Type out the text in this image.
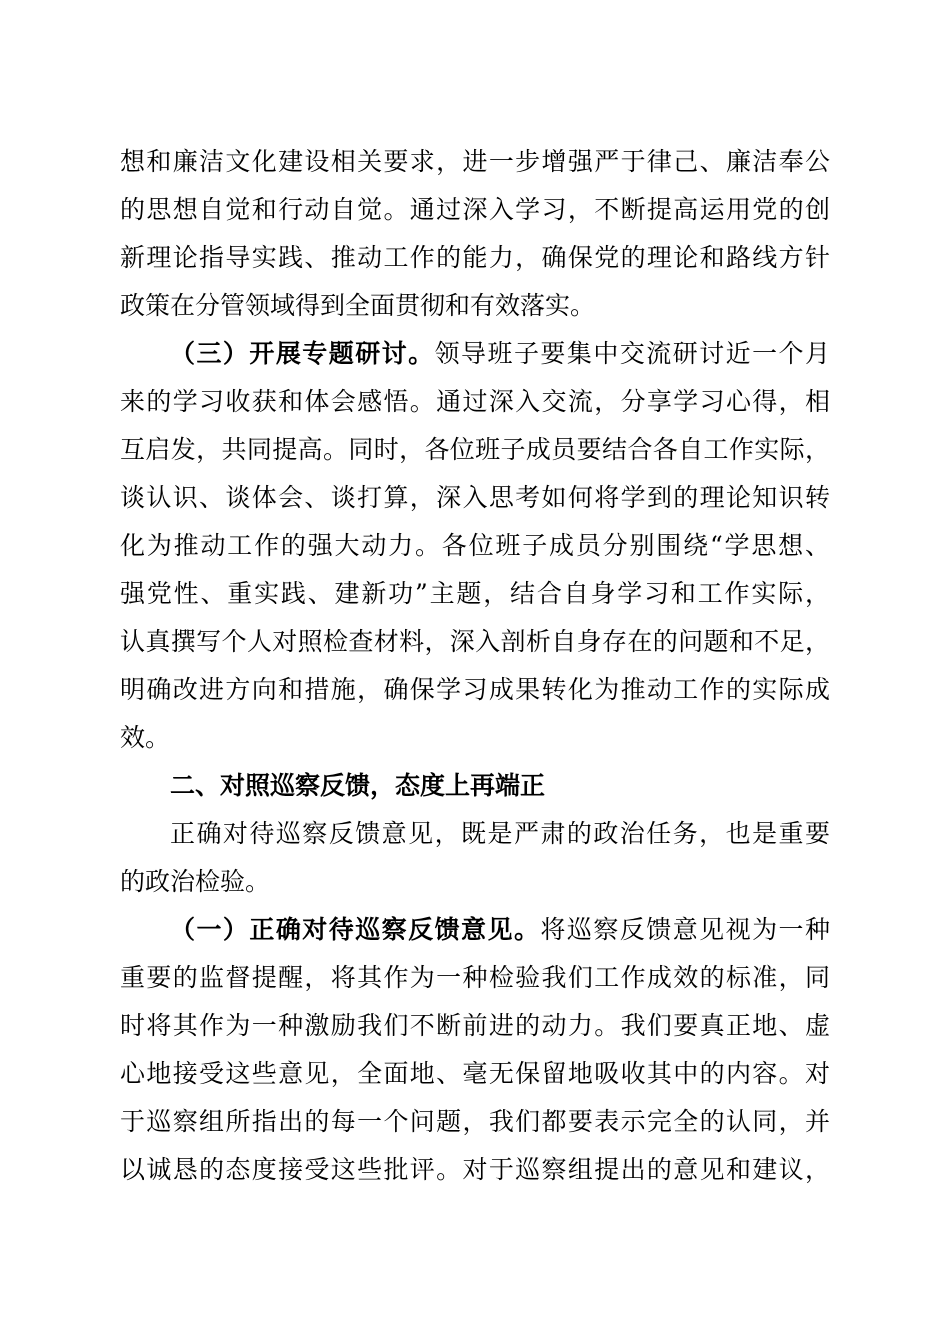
想和廉洁文化建设相关要求，进一步增强严于律己、廉洁奉公
的思想自觉和行动自觉。通过深入学习，不断提高运用党的创
新理论指导实践、推动工作的能力，确保党的理论和路线方针
政策在分管领域得到全面贯彻和有效落实。
（三）开展专题研讨。领导班子要集中交流研讨近一个月
来的学习收获和体会感悟。通过深入交流，分享学习心得，相
互启发，共同提高。同时，各位班子成员要结合各自工作实际，
谈认识、谈体会、谈打算，深入思考如何将学到的理论知识转
化为推动工作的强大动力。各位班子成员分别围绕“学思想、
强党性、重实践、建新功”主题，结合自身学习和工作实际，
认真撰写个人对照检查材料，深入剖析自身存在的问题和不足，
明确改进方向和措施，确保学习成果转化为推动工作的实际成
效。
二、对照巡察反馈，态度上再端正
正确对待巡察反馈意见，既是严肃的政治任务，也是重要
的政治检验。
（一）正确对待巡察反馈意见。将巡察反馈意见视为一种
重要的监督提醒，将其作为一种检验我们工作成效的标准，同
时将其作为一种激励我们不断前进的动力。我们要真正地、虚
心地接受这些意见，全面地、毫无保留地吸收其中的内容。对
于巡察组所指出的每一个问题，我们都要表示完全的认同，并
以诚恳的态度接受这些批评。对于巡察组提出的意见和建议，
